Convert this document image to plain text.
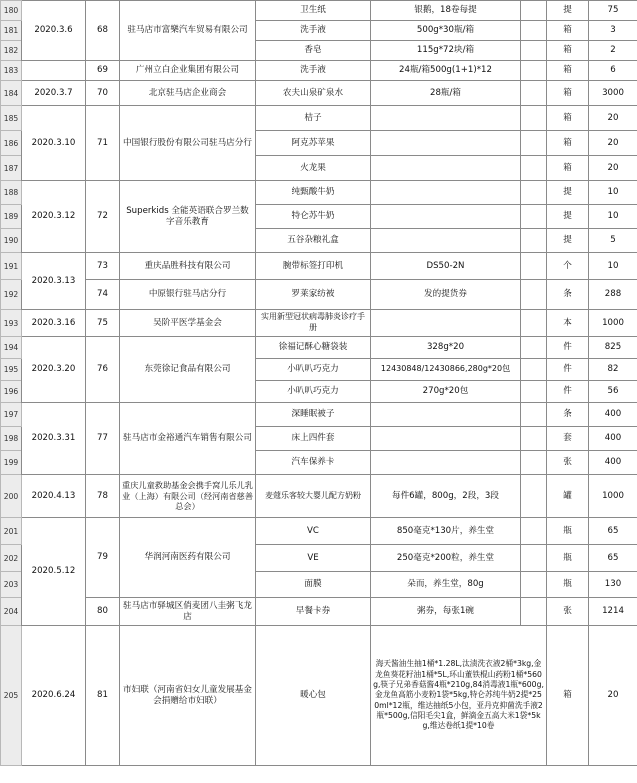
180	2020.3.6	68	驻马店市富樂汽车贸易有限公司	卫生纸	银鹅，18卷每提		提	75
181				洗手液	500g*30瓶/箱		箱	3
182				香皂	115g*72块/箱		箱	2
183		69	广州立白企业集团有限公司	洗手液	24瓶/箱500g(1+1)*12		箱	6
184	2020.3.7	70	北京驻马店企业商会	农夫山泉矿泉水	28瓶/箱		箱	3000
185	2020.3.10	71	中国银行股份有限公司驻马店分行	桔子			箱	20
186				阿克苏苹果			箱	20
187				火龙果			箱	20
188	2020.3.12	72	Superkids 全能英语联合罗兰数字音乐教育	纯甄酸牛奶			提	10
189				特仑苏牛奶			提	10
190				五谷杂粮礼盒			提	5
191	2020.3.13	73	重庆品胜科技有限公司	腕带标签打印机	DS50-2N		个	10
192		74	中原银行驻马店分行	罗莱家纺被	发的提货券		条	288
193	2020.3.16	75	吴阶平医学基金会	实用新型冠状病毒肺炎诊疗手册			本	1000
194	2020.3.20	76	东莞徐记食品有限公司	徐福记酥心糖袋装	328g*20		件	825
195				小叭叭巧克力	12430848/12430866,280g*20包		件	82
196				小叭叭巧克力	270g*20包		件	56
197	2020.3.31	77	驻马店市金裕通汽车销售有限公司	深睡眠被子			条	400
198				床上四件套			套	400
199				汽车保养卡			张	400
200	2020.4.13	78	重庆儿童救助基金会携手窝儿乐儿乳业（上海）有限公司（经河南省慈善总会）	麦蔻乐客较大婴儿配方奶粉	每件6罐，800g，2段，3段		罐	1000
201	2020.5.12	79	华润河南医药有限公司	VC	850毫克*130片，养生堂		瓶	65
202				VE	250毫克*200粒，养生堂		瓶	65
203				面膜	朵而，养生堂，80g		瓶	130
204		80	驻马店市驿城区俏麦团八圭粥飞龙店	早餐卡券	粥券，每张1碗		张	1214
205	2020.6.24	81	市妇联（河南省妇女儿童发展基金会捐赠给市妇联）	暖心包	海天酱油生抽1桶*1.28L,汰渍洗衣液2桶*3kg,金龙鱼葵花籽油1桶*5L,环山董铁棍山药粉1桶*560g,筷子兄弟香菇酱4瓶*210g,84消毒液1瓶*600g,金龙鱼高筋小麦粉1袋*5kg,特仑苏纯牛奶2提*250ml*12瓶，维达抽纸5小包，亚丹克抑菌洗手液2瓶*500g,信阳毛尖1盒，鲜滴金五高大米1袋*5kg,维达卷纸1提*10卷		箱	20
